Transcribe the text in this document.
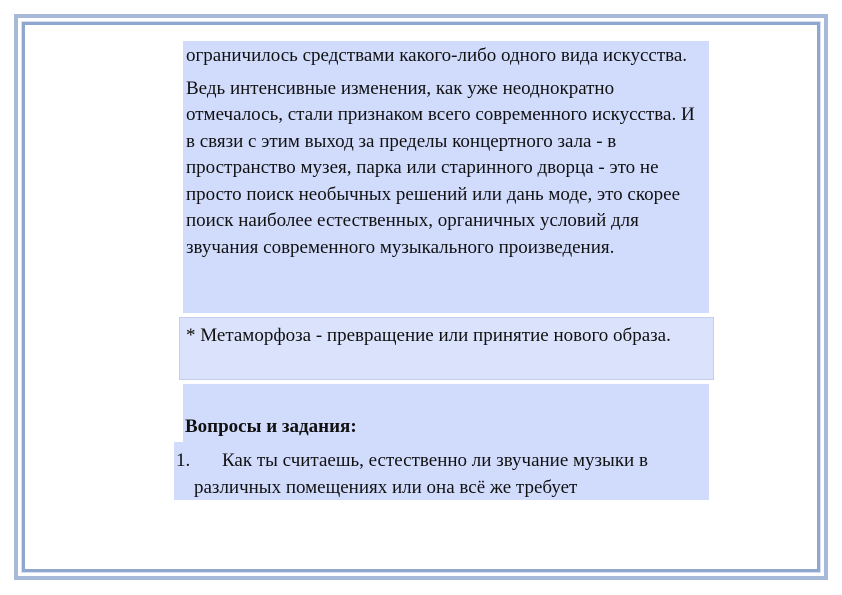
ограничилось средствами какого-либо одного вида искусства.

Ведь интенсивные изменения, как уже неоднократно отмечалось, стали признаком всего современного искусства. И в связи с этим выход за пределы концертного зала - в пространство музея, парка или старинного дворца - это не просто поиск необычных решений или дань моде, это скорее поиск наиболее естественных, органичных условий для звучания современного музыкального произведения.

* Метаморфоза - превращение или принятие нового образа.

Вопросы и задания:
1. Как ты считаешь, естественно ли звучание музыки в
различных помещениях или она всё же требует
